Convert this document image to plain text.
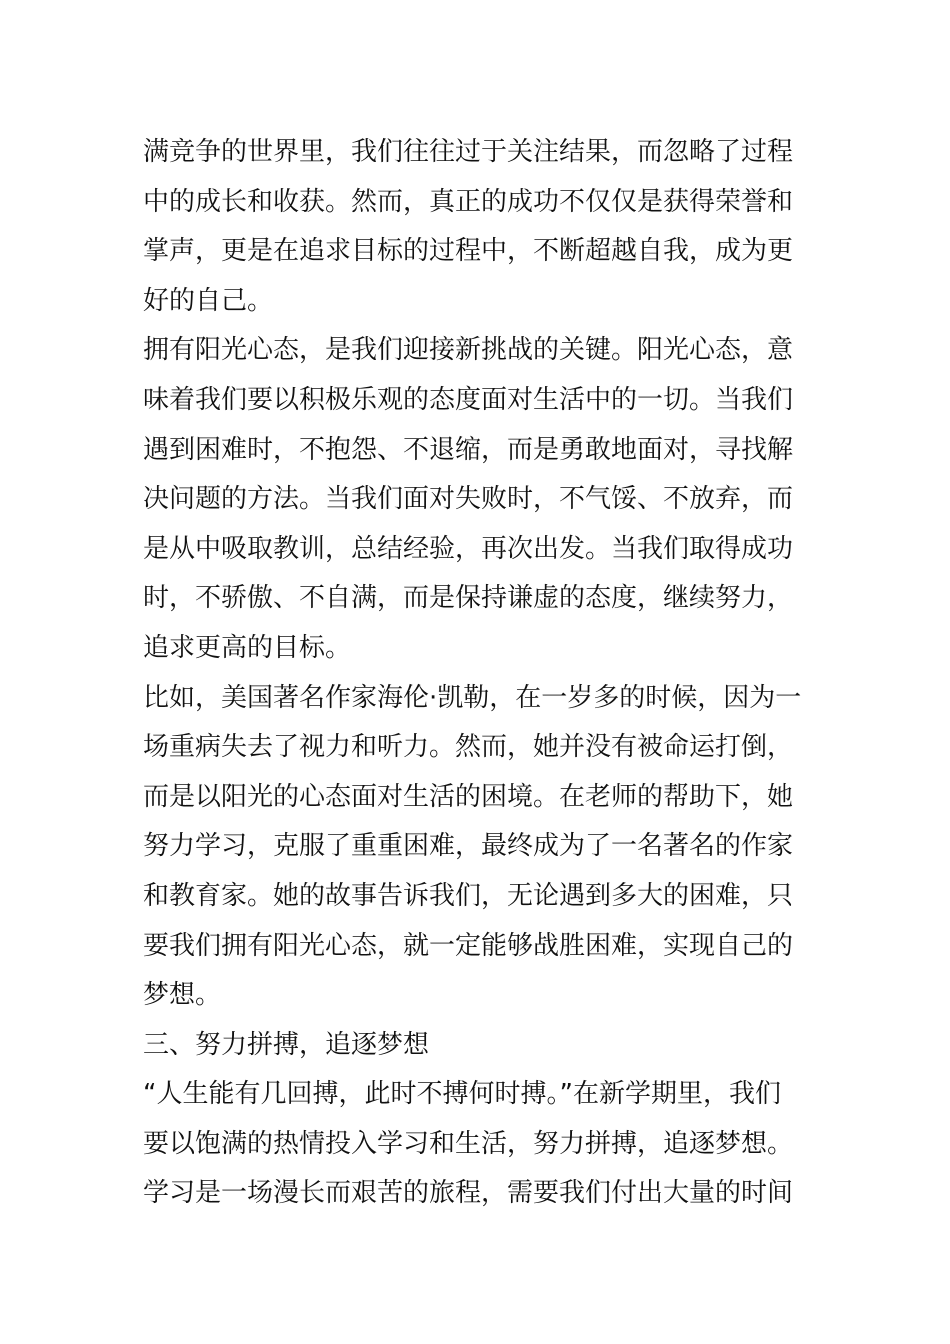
满竞争的世界里，我们往往过于关注结果，而忽略了过程
中的成长和收获。然而，真正的成功不仅仅是获得荣誉和
掌声，更是在追求目标的过程中，不断超越自我，成为更
好的自己。
拥有阳光心态，是我们迎接新挑战的关键。阳光心态，意
味着我们要以积极乐观的态度面对生活中的一切。当我们
遇到困难时，不抱怨、不退缩，而是勇敢地面对，寻找解
决问题的方法。当我们面对失败时，不气馁、不放弃，而
是从中吸取教训，总结经验，再次出发。当我们取得成功
时，不骄傲、不自满，而是保持谦虚的态度，继续努力，
追求更高的目标。
比如，美国著名作家海伦·凯勒，在一岁多的时候，因为一
场重病失去了视力和听力。然而，她并没有被命运打倒，
而是以阳光的心态面对生活的困境。在老师的帮助下，她
努力学习，克服了重重困难，最终成为了一名著名的作家
和教育家。她的故事告诉我们，无论遇到多大的困难，只
要我们拥有阳光心态，就一定能够战胜困难，实现自己的
梦想。
三、努力拼搏，追逐梦想
“人生能有几回搏，此时不搏何时搏。”在新学期里，我们
要以饱满的热情投入学习和生活，努力拼搏，追逐梦想。
学习是一场漫长而艰苦的旅程，需要我们付出大量的时间
